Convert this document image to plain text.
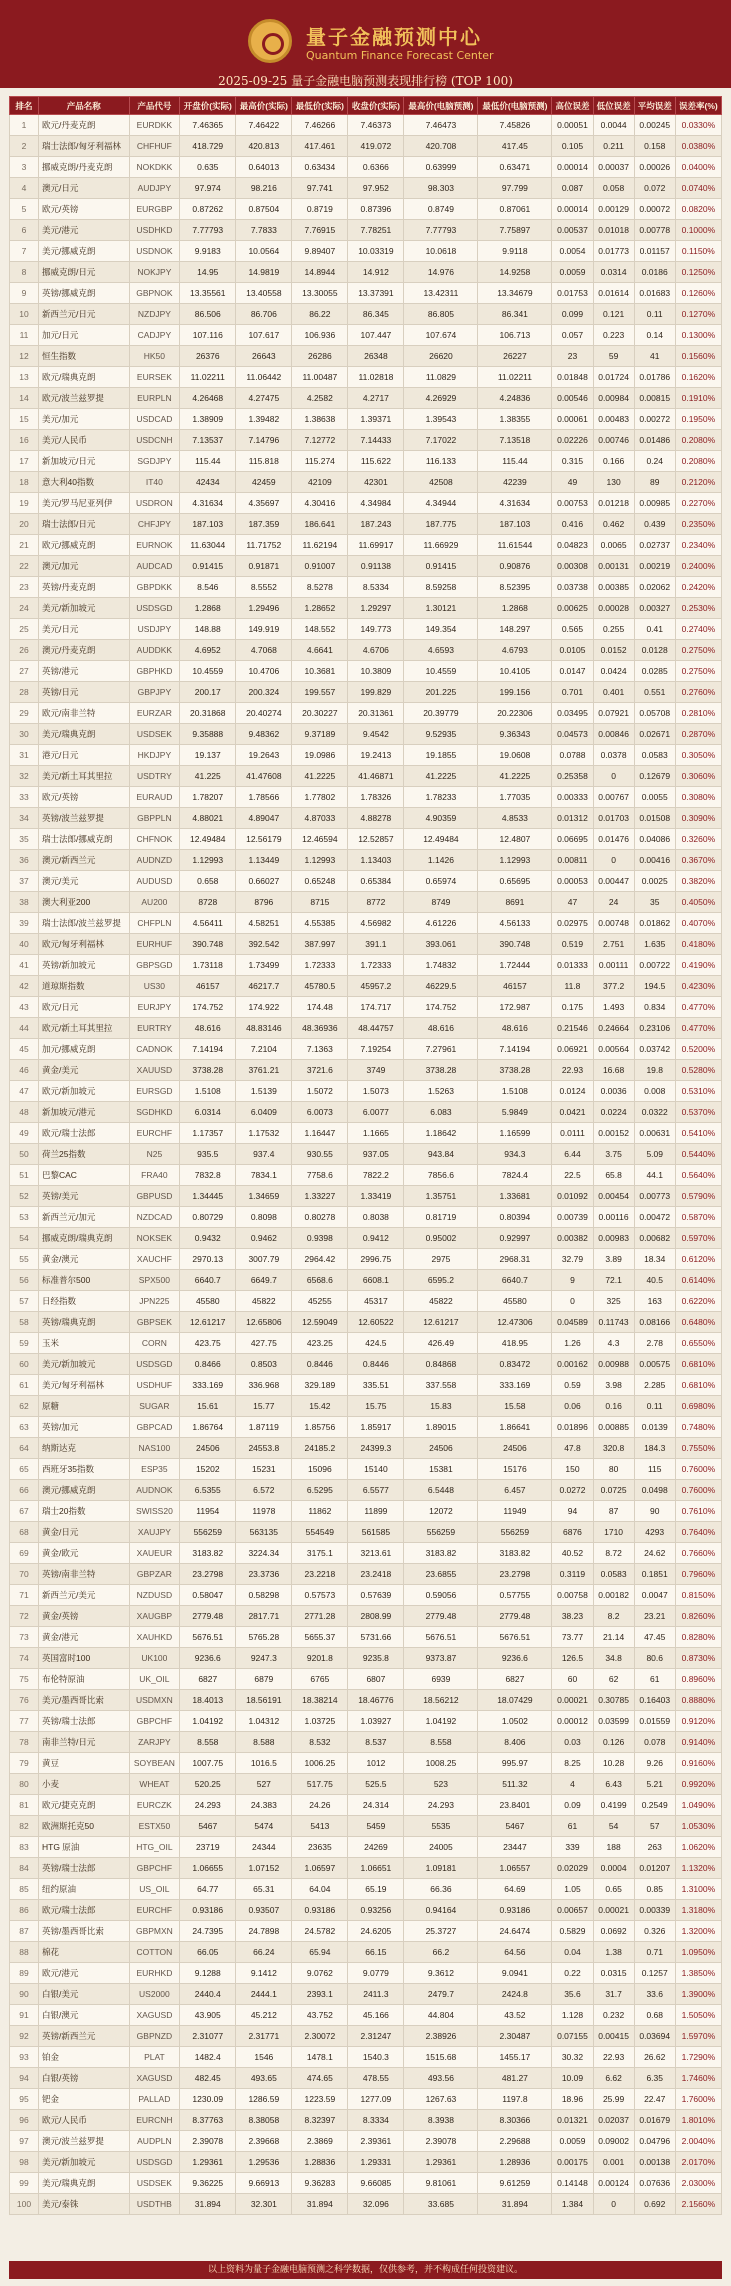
量子金融预测中心
Quantum Finance Forecast Center
2025-09-25 量子金融电脑预测表现排行榜 (TOP 100)
排名	产品名称	产品代号	开盘价(实际)	最高价(实际)	最低价(实际)	收盘价(实际)	最高价(电脑预测)	最低价(电脑预测)	高位误差	低位误差	平均误差	误差率(%)
1	欧元/丹麦克朗	EURDKK	7.46365	7.46422	7.46266	7.46373	7.46473	7.45826	0.00051	0.0044	0.00245	0.0330%
2	瑞士法郎/匈牙利福林	CHFHUF	418.729	420.813	417.461	419.072	420.708	417.45	0.105	0.211	0.158	0.0380%
3	挪威克朗/丹麦克朗	NOKDKK	0.635	0.64013	0.63434	0.6366	0.63999	0.63471	0.00014	0.00037	0.00026	0.0400%
4	澳元/日元	AUDJPY	97.974	98.216	97.741	97.952	98.303	97.799	0.087	0.058	0.072	0.0740%
5	欧元/英镑	EURGBP	0.87262	0.87504	0.8719	0.87396	0.8749	0.87061	0.00014	0.00129	0.00072	0.0820%
6	美元/港元	USDHKD	7.77793	7.7833	7.76915	7.78251	7.77793	7.75897	0.00537	0.01018	0.00778	0.1000%
7	美元/挪威克朗	USDNOK	9.9183	10.0564	9.89407	10.03319	10.0618	9.9118	0.0054	0.01773	0.01157	0.1150%
8	挪威克朗/日元	NOKJPY	14.95	14.9819	14.8944	14.912	14.976	14.9258	0.0059	0.0314	0.0186	0.1250%
9	英镑/挪威克朗	GBPNOK	13.35561	13.40558	13.30055	13.37391	13.42311	13.34679	0.01753	0.01614	0.01683	0.1260%
10	新西兰元/日元	NZDJPY	86.506	86.706	86.22	86.345	86.805	86.341	0.099	0.121	0.11	0.1270%
11	加元/日元	CADJPY	107.116	107.617	106.936	107.447	107.674	106.713	0.057	0.223	0.14	0.1300%
12	恒生指数	HK50	26376	26643	26286	26348	26620	26227	23	59	41	0.1560%
13	欧元/瑞典克朗	EURSEK	11.02211	11.06442	11.00487	11.02818	11.0829	11.02211	0.01848	0.01724	0.01786	0.1620%
14	欧元/波兰兹罗提	EURPLN	4.26468	4.27475	4.2582	4.2717	4.26929	4.24836	0.00546	0.00984	0.00815	0.1910%
15	美元/加元	USDCAD	1.38909	1.39482	1.38638	1.39371	1.39543	1.38355	0.00061	0.00483	0.00272	0.1950%
16	美元/人民币	USDCNH	7.13537	7.14796	7.12772	7.14433	7.17022	7.13518	0.02226	0.00746	0.01486	0.2080%
17	新加坡元/日元	SGDJPY	115.44	115.818	115.274	115.622	116.133	115.44	0.315	0.166	0.24	0.2080%
18	意大利40指数	IT40	42434	42459	42109	42301	42508	42239	49	130	89	0.2120%
19	美元/罗马尼亚列伊	USDRON	4.31634	4.35697	4.30416	4.34984	4.34944	4.31634	0.00753	0.01218	0.00985	0.2270%
20	瑞士法郎/日元	CHFJPY	187.103	187.359	186.641	187.243	187.775	187.103	0.416	0.462	0.439	0.2350%
21	欧元/挪威克朗	EURNOK	11.63044	11.71752	11.62194	11.69917	11.66929	11.61544	0.04823	0.0065	0.02737	0.2340%
22	澳元/加元	AUDCAD	0.91415	0.91871	0.91007	0.91138	0.91415	0.90876	0.00308	0.00131	0.00219	0.2400%
23	英镑/丹麦克朗	GBPDKK	8.546	8.5552	8.5278	8.5334	8.59258	8.52395	0.03738	0.00385	0.02062	0.2420%
24	美元/新加坡元	USDSGD	1.2868	1.29496	1.28652	1.29297	1.30121	1.2868	0.00625	0.00028	0.00327	0.2530%
25	美元/日元	USDJPY	148.88	149.919	148.552	149.773	149.354	148.297	0.565	0.255	0.41	0.2740%
26	澳元/丹麦克朗	AUDDKK	4.6952	4.7068	4.6641	4.6706	4.6593	4.6793	0.0105	0.0152	0.0128	0.2750%
27	英镑/港元	GBPHKD	10.4559	10.4706	10.3681	10.3809	10.4559	10.4105	0.0147	0.0424	0.0285	0.2750%
28	英镑/日元	GBPJPY	200.17	200.324	199.557	199.829	201.225	199.156	0.701	0.401	0.551	0.2760%
29	欧元/南非兰特	EURZAR	20.31868	20.40274	20.30227	20.31361	20.39779	20.22306	0.03495	0.07921	0.05708	0.2810%
30	美元/瑞典克朗	USDSEK	9.35888	9.48362	9.37189	9.4542	9.52935	9.36343	0.04573	0.00846	0.02671	0.2870%
31	港元/日元	HKDJPY	19.137	19.2643	19.0986	19.2413	19.1855	19.0608	0.0788	0.0378	0.0583	0.3050%
32	美元/新土耳其里拉	USDTRY	41.225	41.47608	41.2225	41.46871	41.2225	41.2225	0.25358	0	0.12679	0.3060%
33	欧元/英镑	EURAUD	1.78207	1.78566	1.77802	1.78326	1.78233	1.77035	0.00333	0.00767	0.0055	0.3080%
34	英镑/波兰兹罗提	GBPPLN	4.88021	4.89047	4.87033	4.88278	4.90359	4.8533	0.01312	0.01703	0.01508	0.3090%
35	瑞士法郎/挪威克朗	CHFNOK	12.49484	12.56179	12.46594	12.52857	12.49484	12.4807	0.06695	0.01476	0.04086	0.3260%
36	澳元/新西兰元	AUDNZD	1.12993	1.13449	1.12993	1.13403	1.1426	1.12993	0.00811	0	0.00416	0.3670%
37	澳元/美元	AUDUSD	0.658	0.66027	0.65248	0.65384	0.65974	0.65695	0.00053	0.00447	0.0025	0.3820%
38	澳大利亚200	AU200	8728	8796	8715	8772	8749	8691	47	24	35	0.4050%
39	瑞士法郎/波兰兹罗提	CHFPLN	4.56411	4.58251	4.55385	4.56982	4.61226	4.56133	0.02975	0.00748	0.01862	0.4070%
40	欧元/匈牙利福林	EURHUF	390.748	392.542	387.997	391.1	393.061	390.748	0.519	2.751	1.635	0.4180%
41	英镑/新加坡元	GBPSGD	1.73118	1.73499	1.72333	1.72333	1.74832	1.72444	0.01333	0.00111	0.00722	0.4190%
42	道琼斯指数	US30	46157	46217.7	45780.5	45957.2	46229.5	46157	11.8	377.2	194.5	0.4230%
43	欧元/日元	EURJPY	174.752	174.922	174.48	174.717	174.752	172.987	0.175	1.493	0.834	0.4770%
44	欧元/新土耳其里拉	EURTRY	48.616	48.83146	48.36936	48.44757	48.616	48.616	0.21546	0.24664	0.23106	0.4770%
45	加元/挪威克朗	CADNOK	7.14194	7.2104	7.1363	7.19254	7.27961	7.14194	0.06921	0.00564	0.03742	0.5200%
46	黄金/美元	XAUUSD	3738.28	3761.21	3721.6	3749	3738.28	3738.28	22.93	16.68	19.8	0.5280%
47	欧元/新加坡元	EURSGD	1.5108	1.5139	1.5072	1.5073	1.5263	1.5108	0.0124	0.0036	0.008	0.5310%
48	新加坡元/港元	SGDHKD	6.0314	6.0409	6.0073	6.0077	6.083	5.9849	0.0421	0.0224	0.0322	0.5370%
49	欧元/瑞士法郎	EURCHF	1.17357	1.17532	1.16447	1.1665	1.18642	1.16599	0.0111	0.00152	0.00631	0.5410%
50	荷兰25指数	N25	935.5	937.4	930.55	937.05	943.84	934.3	6.44	3.75	5.09	0.5440%
51	巴黎CAC	FRA40	7832.8	7834.1	7758.6	7822.2	7856.6	7824.4	22.5	65.8	44.1	0.5640%
52	英镑/美元	GBPUSD	1.34445	1.34659	1.33227	1.33419	1.35751	1.33681	0.01092	0.00454	0.00773	0.5790%
53	新西兰元/加元	NZDCAD	0.80729	0.8098	0.80278	0.8038	0.81719	0.80394	0.00739	0.00116	0.00472	0.5870%
54	挪威克朗/瑞典克朗	NOKSEK	0.9432	0.9462	0.9398	0.9412	0.95002	0.92997	0.00382	0.00983	0.00682	0.5970%
55	黄金/澳元	XAUCHF	2970.13	3007.79	2964.42	2996.75	2975	2968.31	32.79	3.89	18.34	0.6120%
56	标准普尔500	SPX500	6640.7	6649.7	6568.6	6608.1	6595.2	6640.7	9	72.1	40.5	0.6140%
57	日经指数	JPN225	45580	45822	45255	45317	45822	45580	0	325	163	0.6220%
58	英镑/瑞典克朗	GBPSEK	12.61217	12.65806	12.59049	12.60522	12.61217	12.47306	0.04589	0.11743	0.08166	0.6480%
59	玉米	CORN	423.75	427.75	423.25	424.5	426.49	418.95	1.26	4.3	2.78	0.6550%
60	美元/新加坡元	USDSGD	0.8466	0.8503	0.8446	0.8446	0.84868	0.83472	0.00162	0.00988	0.00575	0.6810%
61	美元/匈牙利福林	USDHUF	333.169	336.968	329.189	335.51	337.558	333.169	0.59	3.98	2.285	0.6810%
62	原糖	SUGAR	15.61	15.77	15.42	15.75	15.83	15.58	0.06	0.16	0.11	0.6980%
63	英镑/加元	GBPCAD	1.86764	1.87119	1.85756	1.85917	1.89015	1.86641	0.01896	0.00885	0.0139	0.7480%
64	纳斯达克	NAS100	24506	24553.8	24185.2	24399.3	24506	24506	47.8	320.8	184.3	0.7550%
65	西班牙35指数	ESP35	15202	15231	15096	15140	15381	15176	150	80	115	0.7600%
66	澳元/挪威克朗	AUDNOK	6.5355	6.572	6.5295	6.5577	6.5448	6.457	0.0272	0.0725	0.0498	0.7600%
67	瑞士20指数	SWISS20	11954	11978	11862	11899	12072	11949	94	87	90	0.7610%
68	黄金/日元	XAUJPY	556259	563135	554549	561585	556259	556259	6876	1710	4293	0.7640%
69	黄金/欧元	XAUEUR	3183.82	3224.34	3175.1	3213.61	3183.82	3183.82	40.52	8.72	24.62	0.7660%
70	英镑/南非兰特	GBPZAR	23.2798	23.3736	23.2218	23.2418	23.6855	23.2798	0.3119	0.0583	0.1851	0.7960%
71	新西兰元/美元	NZDUSD	0.58047	0.58298	0.57573	0.57639	0.59056	0.57755	0.00758	0.00182	0.0047	0.8150%
72	黄金/英镑	XAUGBP	2779.48	2817.71	2771.28	2808.99	2779.48	2779.48	38.23	8.2	23.21	0.8260%
73	黄金/港元	XAUHKD	5676.51	5765.28	5655.37	5731.66	5676.51	5676.51	73.77	21.14	47.45	0.8280%
74	英国富时100	UK100	9236.6	9247.3	9201.8	9235.8	9373.87	9236.6	126.5	34.8	80.6	0.8730%
75	布伦特原油	UK_OIL	6827	6879	6765	6807	6939	6827	60	62	61	0.8960%
76	美元/墨西哥比索	USDMXN	18.4013	18.56191	18.38214	18.46776	18.56212	18.07429	0.00021	0.30785	0.16403	0.8880%
77	英镑/瑞士法郎	GBPCHF	1.04192	1.04312	1.03725	1.03927	1.04192	1.0502	0.00012	0.03599	0.01559	0.9120%
78	南非兰特/日元	ZARJPY	8.558	8.588	8.532	8.537	8.558	8.406	0.03	0.126	0.078	0.9140%
79	黄豆	SOYBEAN	1007.75	1016.5	1006.25	1012	1008.25	995.97	8.25	10.28	9.26	0.9160%
80	小麦	WHEAT	520.25	527	517.75	525.5	523	511.32	4	6.43	5.21	0.9920%
81	欧元/捷克克朗	EURCZK	24.293	24.383	24.26	24.314	24.293	23.8401	0.09	0.4199	0.2549	1.0490%
82	欧洲斯托克50	ESTX50	5467	5474	5413	5459	5535	5467	61	54	57	1.0530%
83	HTG 原油	HTG_OIL	23719	24344	23635	24269	24005	23447	339	188	263	1.0620%
84	英镑/瑞士法郎	GBPCHF	1.06655	1.07152	1.06597	1.06651	1.09181	1.06557	0.02029	0.0004	0.01207	1.1320%
85	纽约原油	US_OIL	64.77	65.31	64.04	65.19	66.36	64.69	1.05	0.65	0.85	1.3100%
86	欧元/瑞士法郎	EURCHF	0.93186	0.93507	0.93186	0.93256	0.94164	0.93186	0.00657	0.00021	0.00339	1.3180%
87	英镑/墨西哥比索	GBPMXN	24.7395	24.7898	24.5782	24.6205	25.3727	24.6474	0.5829	0.0692	0.326	1.3200%
88	棉花	COTTON	66.05	66.24	65.94	66.15	66.2	64.56	0.04	1.38	0.71	1.0950%
89	欧元/港元	EURHKD	9.1288	9.1412	9.0762	9.0779	9.3612	9.0941	0.22	0.0315	0.1257	1.3850%
90	白银/美元	US2000	2440.4	2444.1	2393.1	2411.3	2479.7	2424.8	35.6	31.7	33.6	1.3900%
91	白银/澳元	XAGUSD	43.905	45.212	43.752	45.166	44.804	43.52	1.128	0.232	0.68	1.5050%
92	英镑/新西兰元	GBPNZD	2.31077	2.31771	2.30072	2.31247	2.38926	2.30487	0.07155	0.00415	0.03694	1.5970%
93	铂金	PLAT	1482.4	1546	1478.1	1540.3	1515.68	1455.17	30.32	22.93	26.62	1.7290%
94	白银/英镑	XAGUSD	482.45	493.65	474.65	478.55	493.56	481.27	10.09	6.62	6.35	1.7460%
95	钯金	PALLAD	1230.09	1286.59	1223.59	1277.09	1267.63	1197.8	18.96	25.99	22.47	1.7600%
96	欧元/人民币	EURCNH	8.37763	8.38058	8.32397	8.3334	8.3938	8.30366	0.01321	0.02037	0.01679	1.8010%
97	澳元/波兰兹罗提	AUDPLN	2.39078	2.39668	2.3869	2.39361	2.39078	2.29688	0.0059	0.09002	0.04796	2.0040%
98	美元/新加坡元	USDSGD	1.29361	1.29536	1.28836	1.29331	1.29361	1.28936	0.00175	0.001	0.00138	2.0170%
99	美元/瑞典克朗	USDSEK	9.36225	9.66913	9.36283	9.66085	9.81061	9.61259	0.14148	0.00124	0.07636	2.0300%
100	美元/泰铢	USDTHB	31.894	32.301	31.894	32.096	33.685	31.894	1.384	0	0.692	2.1560%
以上资料为量子金融电脑预测之科学数据，仅供参考，并不构成任何投资建议。
